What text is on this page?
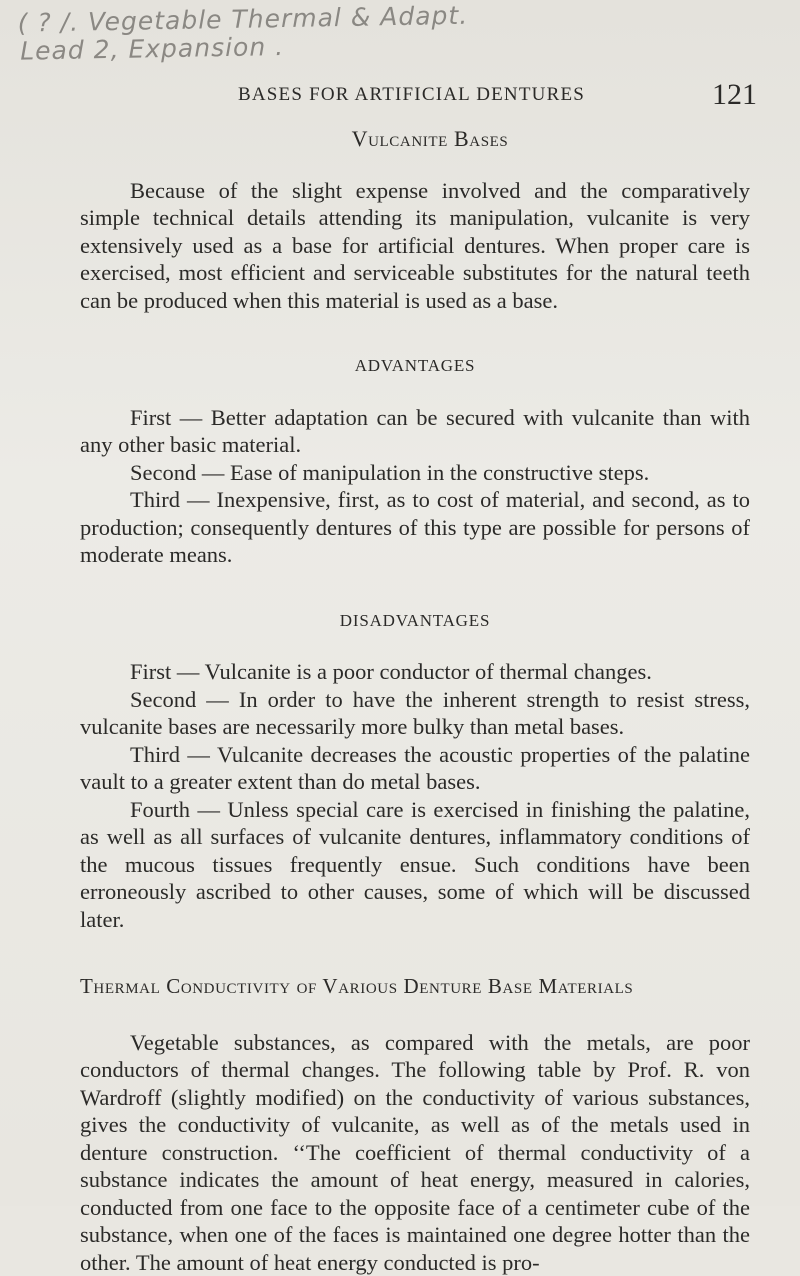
( ? /. Vegetable Thermal & Adapt.
Lead 2, Expansion .
BASES FOR ARTIFICIAL DENTURES	121
Vulcanite Bases

Because of the slight expense involved and the comparatively simple technical details attending its manipulation, vulcanite is very extensively used as a base for artificial dentures. When proper care is exercised, most efficient and serviceable substitutes for the natural teeth can be produced when this material is used as a base.

ADVANTAGES

First — Better adaptation can be secured with vulcanite than with any other basic material.

Second — Ease of manipulation in the constructive steps.

Third — Inexpensive, first, as to cost of material, and second, as to production; consequently dentures of this type are possible for persons of moderate means.

DISADVANTAGES

First — Vulcanite is a poor conductor of thermal changes.

Second — In order to have the inherent strength to resist stress, vulcanite bases are necessarily more bulky than metal bases.

Third — Vulcanite decreases the acoustic properties of the palatine vault to a greater extent than do metal bases.

Fourth — Unless special care is exercised in finishing the palatine, as well as all surfaces of vulcanite dentures, inflammatory conditions of the mucous tissues frequently ensue. Such conditions have been erroneously ascribed to other causes, some of which will be discussed later.

Thermal Conductivity of Various Denture Base Materials

Vegetable substances, as compared with the metals, are poor conductors of thermal changes. The following table by Prof. R. von Wardroff (slightly modified) on the conductivity of various substances, gives the conductivity of vulcanite, as well as of the metals used in denture construction. ‘‘The coefficient of thermal conductivity of a substance indicates the amount of heat energy, measured in calories, conducted from one face to the opposite face of a centimeter cube of the substance, when one of the faces is maintained one degree hotter than the other. The amount of heat energy conducted is pro-
